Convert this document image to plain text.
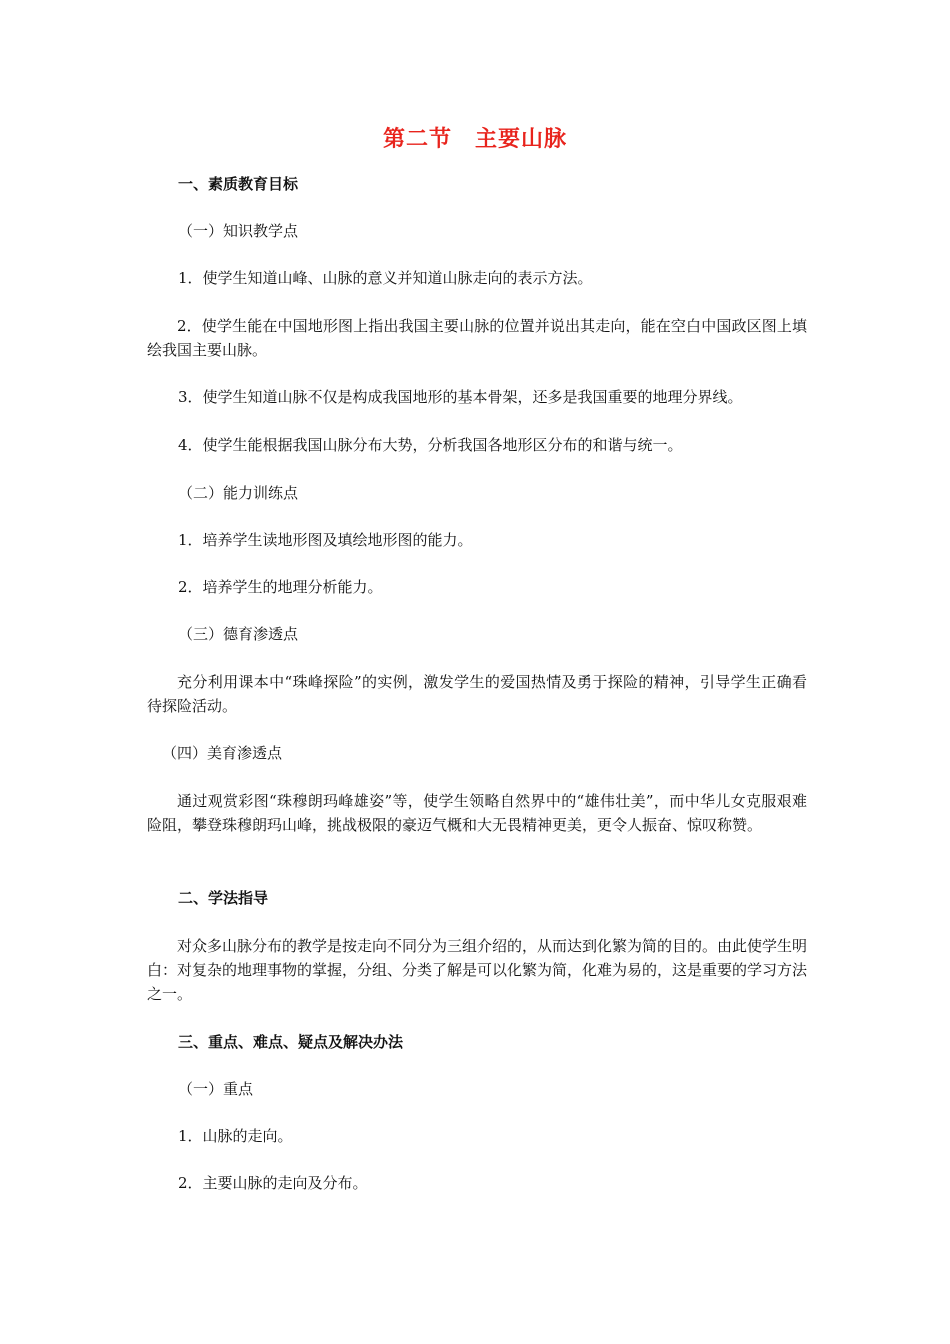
第二节　主要山脉
一、素质教育目标
（一）知识教学点
1．使学生知道山峰、山脉的意义并知道山脉走向的表示方法。
2．使学生能在中国地形图上指出我国主要山脉的位置并说出其走向，能在空白中国政区图上填绘我国主要山脉。
3．使学生知道山脉不仅是构成我国地形的基本骨架，还多是我国重要的地理分界线。
4．使学生能根据我国山脉分布大势，分析我国各地形区分布的和谐与统一。
（二）能力训练点
1．培养学生读地形图及填绘地形图的能力。
2．培养学生的地理分析能力。
（三）德育渗透点
充分利用课本中“珠峰探险”的实例，激发学生的爱国热情及勇于探险的精神，引导学生正确看待探险活动。
（四）美育渗透点
通过观赏彩图“珠穆朗玛峰雄姿”等，使学生领略自然界中的“雄伟壮美”，而中华儿女克服艰难险阻，攀登珠穆朗玛山峰，挑战极限的豪迈气概和大无畏精神更美，更令人振奋、惊叹称赞。
二、学法指导
对众多山脉分布的教学是按走向不同分为三组介绍的，从而达到化繁为简的目的。由此使学生明白：对复杂的地理事物的掌握，分组、分类了解是可以化繁为简，化难为易的，这是重要的学习方法之一。
三、重点、难点、疑点及解决办法
（一）重点
1．山脉的走向。
2．主要山脉的走向及分布。
